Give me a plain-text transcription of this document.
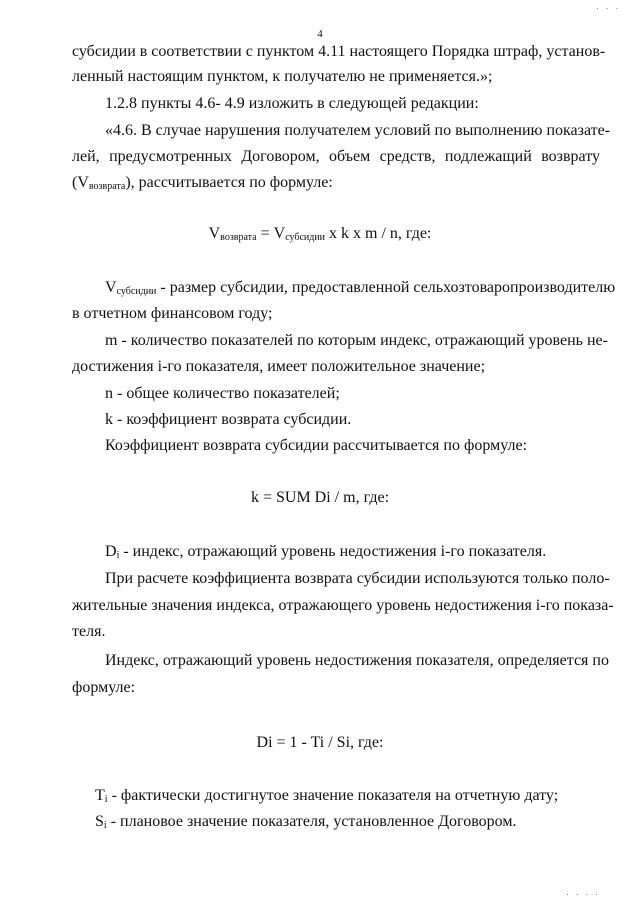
. . .
4
субсидии в соответствии с пунктом 4.11 настоящего Порядка штраф, установ-
ленный настоящим пунктом, к получателю не применяется.»;
1.2.8 пункты 4.6- 4.9 изложить в следующей редакции:
«4.6. В случае нарушения получателем условий по выполнению показате-
лей, предусмотренных Договором, объем средств, подлежащий возврату
$(V_{возврата})$, рассчитывается по формуле:
$V_{возврата} = V_{субсидии}$ x k x m / n, где:
$V_{субсидии}$ - размер субсидии, предоставленной сельхозтоваропроизводителю
в отчетном финансовом году;
m - количество показателей по которым индекс, отражающий уровень не-
достижения i-го показателя, имеет положительное значение;
n - общее количество показателей;
k - коэффициент возврата субсидии.
Коэффициент возврата субсидии рассчитывается по формуле:
k = SUM Di / m, где:
$D_i$ - индекс, отражающий уровень недостижения i-го показателя.
При расчете коэффициента возврата субсидии используются только поло-
жительные значения индекса, отражающего уровень недостижения i-го показа-
теля.
Индекс, отражающий уровень недостижения показателя, определяется по
формуле:
Di = 1 - Ti / Si, где:
$T_i$ - фактически достигнутое значение показателя на отчетную дату;
$S_i$ - плановое значение показателя, установленное Договором.
. . . .
